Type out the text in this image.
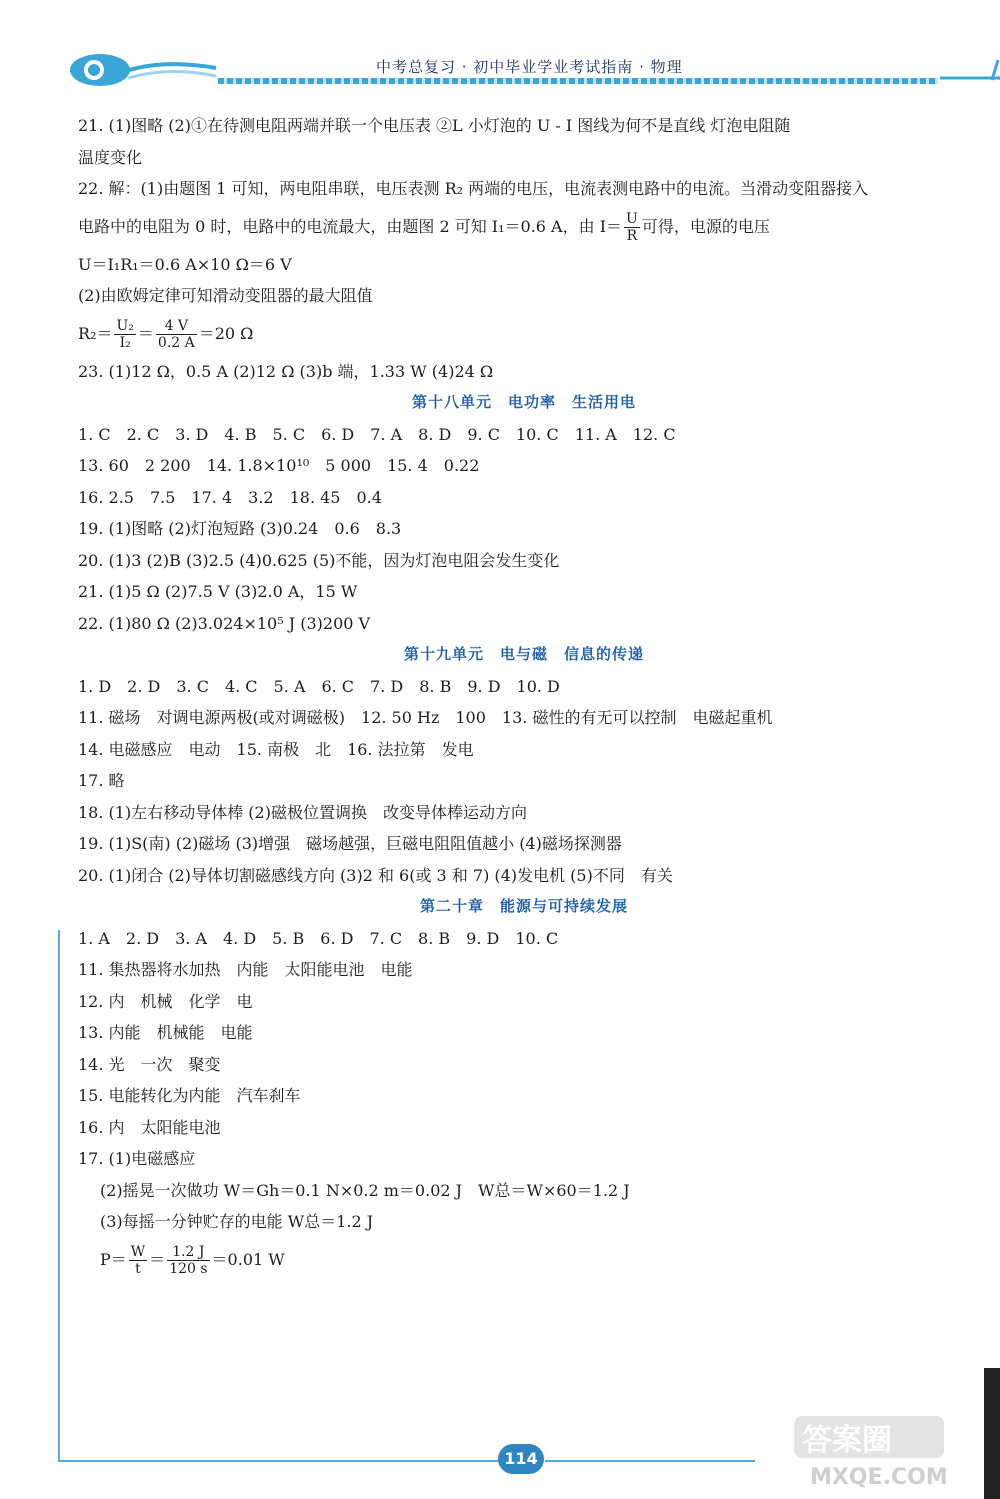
中考总复习 · 初中毕业学业考试指南 · 物理
21. (1)图略 (2)①在待测电阻两端并联一个电压表 ②L 小灯泡的 U - I 图线为何不是直线 灯泡电阻随
温度变化
22. 解：(1)由题图 1 可知，两电阻串联，电压表测 R₂ 两端的电压，电流表测电路中的电流。当滑动变阻器接入
电路中的电阻为 0 时，电路中的电流最大，由题图 2 可知 I₁＝0.6 A，由 $I= \frac{U}{R}$ 可得，电源的电压
U＝I₁R₁＝0.6 A×10 Ω＝6 V
(2)由欧姆定律可知滑动变阻器的最大阻值
$R_2= \frac{\text{U₂}}{\text{I₂}} = \frac{4 V}{0.2 A} =20$ Ω
23. (1)12 Ω，0.5 A (2)12 Ω (3)b 端，1.33 W (4)24 Ω
第十八单元　电功率　生活用电
1. C　2. C　3. D　4. B　5. C　6. D　7. A　8. D　9. C　10. C　11. A　12. C
13. 60　2 200　14. 1.8×10¹⁰　5 000　15. 4　0.22
16. 2.5　7.5　17. 4　3.2　18. 45　0.4
19. (1)图略 (2)灯泡短路 (3)0.24　0.6　8.3
20. (1)3 (2)B (3)2.5 (4)0.625 (5)不能，因为灯泡电阻会发生变化
21. (1)5 Ω (2)7.5 V (3)2.0 A，15 W
22. (1)80 Ω (2)3.024×10⁵ J (3)200 V
第十九单元　电与磁　信息的传递
1. D　2. D　3. C　4. C　5. A　6. C　7. D　8. B　9. D　10. D
11. 磁场　对调电源两极(或对调磁极)　12. 50 Hz　100　13. 磁性的有无可以控制　电磁起重机
14. 电磁感应　电动　15. 南极　北　16. 法拉第　发电
17. 略
18. (1)左右移动导体棒 (2)磁极位置调换　改变导体棒运动方向
19. (1)S(南) (2)磁场 (3)增强　磁场越强，巨磁电阻阻值越小 (4)磁场探测器
20. (1)闭合 (2)导体切割磁感线方向 (3)2 和 6(或 3 和 7) (4)发电机 (5)不同　有关
第二十章　能源与可持续发展
1. A　2. D　3. A　4. D　5. B　6. D　7. C　8. B　9. D　10. C
11. 集热器将水加热　内能　太阳能电池　电能
12. 内　机械　化学　电
13. 内能　机械能　电能
14. 光　一次　聚变
15. 电能转化为内能　汽车刹车
16. 内　太阳能电池
17. (1)电磁感应
(2)摇晃一次做功 W＝Gh＝0.1 N×0.2 m＝0.02 J　W总＝W×60＝1.2 J
(3)每摇一分钟贮存的电能 W总＝1.2 J
$P= \frac{W}{t} = \frac{1.2 J}{120 s} =0.01$ W
114
答案圈
MXQE.COM
